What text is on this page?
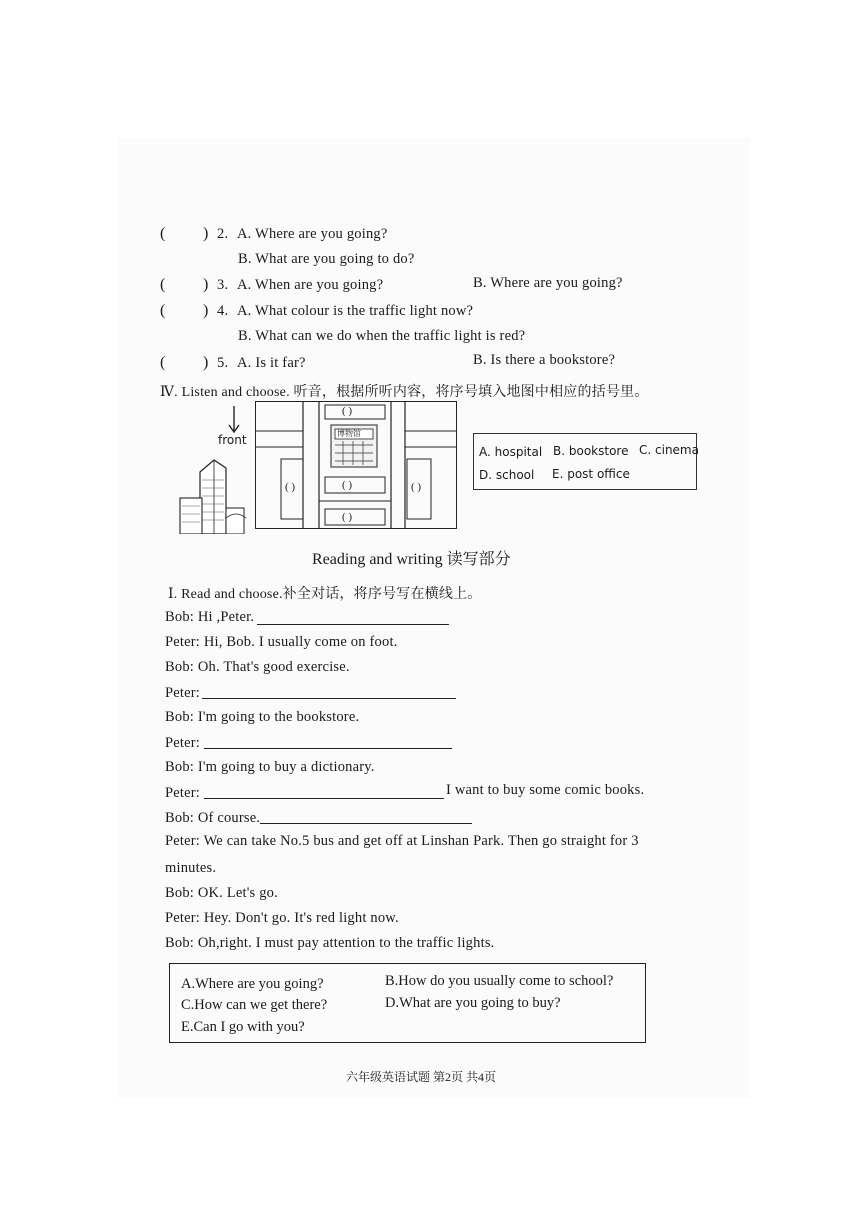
( ) 2. A. Where are you going?
B. What are you going to do?
( ) 3. A. When are you going?	B. Where are you going?
( ) 4. A. What colour is the traffic light now?
B. What can we do when the traffic light is red?
( ) 5. A. Is it far?	B. Is there a bookstore?
Ⅳ. Listen and choose. 听音，根据所听内容，将序号填入地图中相应的括号里。
front	博物馆
( )
( )	( )	( )
( )
A. hospital B. bookstore C. cinema
D. school E. post office
Reading and writing 读写部分
Ⅰ. Read and choose.补全对话，将序号写在横线上。
Bob: Hi ,Peter.
Peter: Hi, Bob. I usually come on foot.
Bob: Oh. That's good exercise.
Peter:
Bob: I'm going to the bookstore.
Peter:
Bob: I'm going to buy a dictionary.
Peter:	I want to buy some comic books.
Bob: Of course.
Peter: We can take No.5 bus and get off at Linshan Park. Then go straight for 3
minutes.
Bob: OK. Let's go.
Peter: Hey. Don't go. It's red light now.
Bob: Oh,right. I must pay attention to the traffic lights.
A.Where are you going?	B.How do you usually come to school?
C.How can we get there?	D.What are you going to buy?
E.Can I go with you?
六年级英语试题 第2页 共4页
